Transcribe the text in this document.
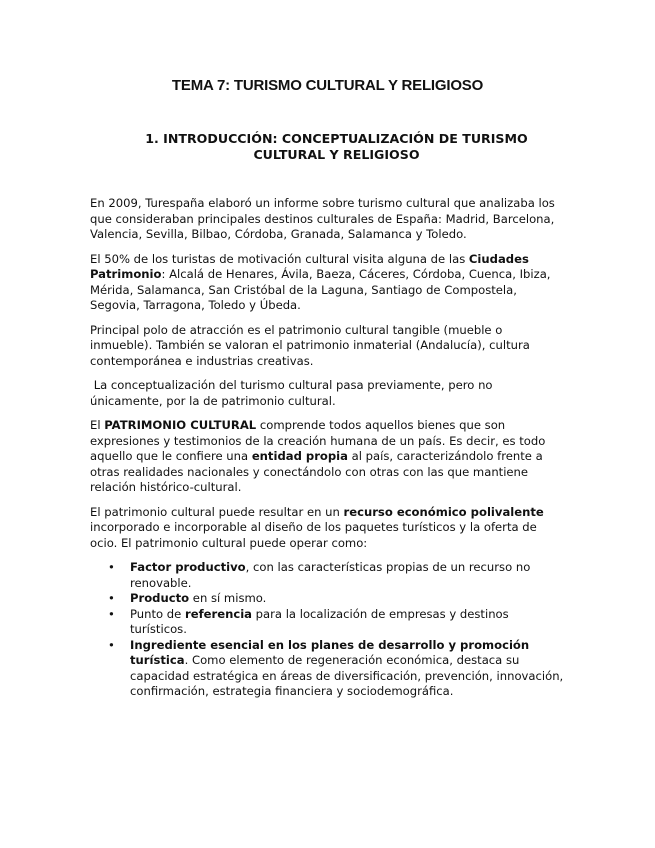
TEMA 7: TURISMO CULTURAL Y RELIGIOSO
1. INTRODUCCIÓN: CONCEPTUALIZACIÓN DE TURISMO CULTURAL Y RELIGIOSO

En 2009, Turespaña elaboró un informe sobre turismo cultural que analizaba los que consideraban principales destinos culturales de España: Madrid, Barcelona, Valencia, Sevilla, Bilbao, Córdoba, Granada, Salamanca y Toledo.

El 50% de los turistas de motivación cultural visita alguna de las Ciudades Patrimonio: Alcalá de Henares, Ávila, Baeza, Cáceres, Córdoba, Cuenca, Ibiza, Mérida, Salamanca, San Cristóbal de la Laguna, Santiago de Compostela, Segovia, Tarragona, Toledo y Úbeda.

Principal polo de atracción es el patrimonio cultural tangible (mueble o inmueble). También se valoran el patrimonio inmaterial (Andalucía), cultura contemporánea e industrias creativas.

La conceptualización del turismo cultural pasa previamente, pero no únicamente, por la de patrimonio cultural.

El PATRIMONIO CULTURAL comprende todos aquellos bienes que son expresiones y testimonios de la creación humana de un país. Es decir, es todo aquello que le confiere una entidad propia al país, caracterizándolo frente a otras realidades nacionales y conectándolo con otras con las que mantiene relación histórico-cultural.

El patrimonio cultural puede resultar en un recurso económico polivalente incorporado e incorporable al diseño de los paquetes turísticos y la oferta de ocio. El patrimonio cultural puede operar como:

• Factor productivo, con las características propias de un recurso no renovable.
• Producto en sí mismo.
• Punto de referencia para la localización de empresas y destinos turísticos.
• Ingrediente esencial en los planes de desarrollo y promoción turística. Como elemento de regeneración económica, destaca su capacidad estratégica en áreas de diversificación, prevención, innovación, confirmación, estrategia financiera y sociodemográfica.
